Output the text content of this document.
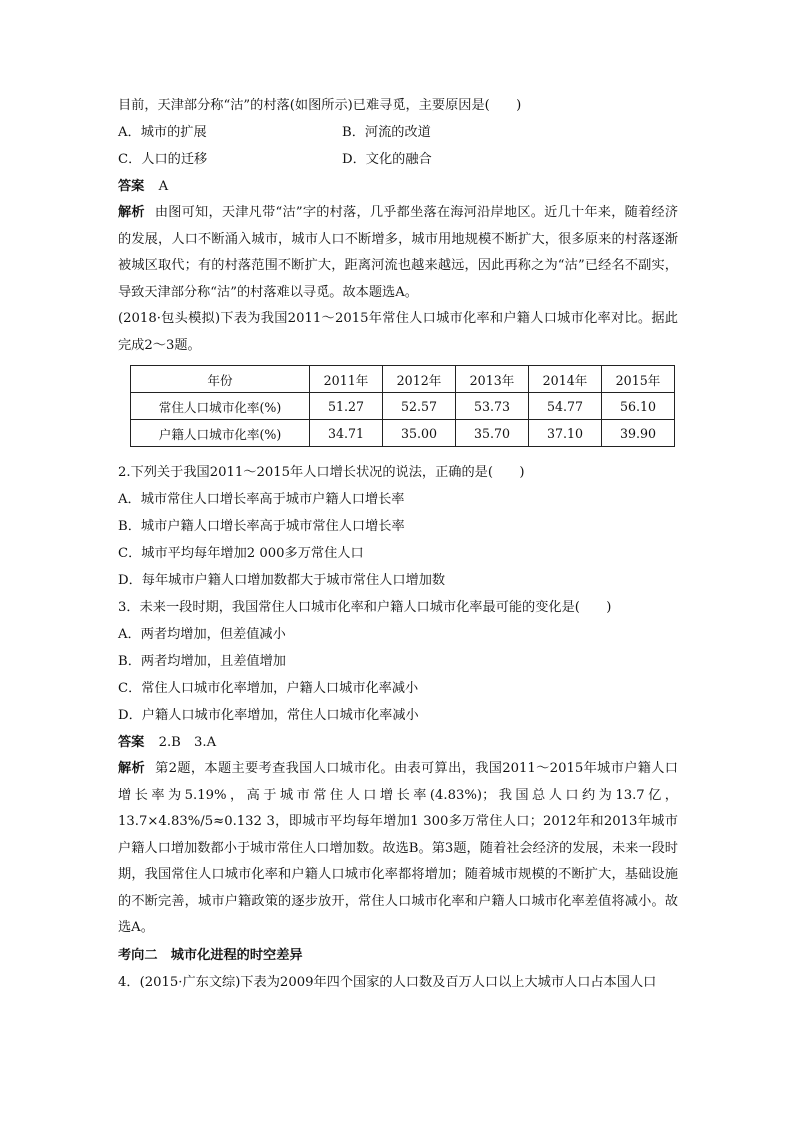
目前，天津部分称“沽”的村落(如图所示)已难寻觅，主要原因是(　　)
A．城市的扩展	B．河流的改道
C．人口的迁移	D．文化的融合
答案 A

解析 由图可知，天津凡带“沽”字的村落，几乎都坐落在海河沿岸地区。近几十年来，随着经济的发展，人口不断涌入城市，城市人口不断增多，城市用地规模不断扩大，很多原来的村落逐渐被城区取代；有的村落范围不断扩大，距离河流也越来越远，因此再称之为“沽”已经名不副实，导致天津部分称“沽”的村落难以寻觅。故本题选A。

(2018·包头模拟)下表为我国2011～2015年常住人口城市化率和户籍人口城市化率对比。据此完成2～3题。

年份	2011年	2012年	2013年	2014年	2015年
常住人口城市化率(%)	51.27	52.57	53.73	54.77	56.10
户籍人口城市化率(%)	34.71	35.00	35.70	37.10	39.90
2.下列关于我国2011～2015年人口增长状况的说法，正确的是(　　)
A．城市常住人口增长率高于城市户籍人口增长率
B．城市户籍人口增长率高于城市常住人口增长率
C．城市平均每年增加2 000多万常住人口
D．每年城市户籍人口增加数都大于城市常住人口增加数
3．未来一段时期，我国常住人口城市化率和户籍人口城市化率最可能的变化是(　　)
A．两者均增加，但差值减小
B．两者均增加，且差值增加
C．常住人口城市化率增加，户籍人口城市化率减小
D．户籍人口城市化率增加，常住人口城市化率减小
答案 2.B　3.A

解析 第2题，本题主要考查我国人口城市化。由表可算出，我国2011～2015年城市户籍人口增长率为5.19%，高于城市常住人口增长率(4.83%)；我国总人口约为13.7亿，13.7×4.83%/5≈0.132 3，即城市平均每年增加1 300多万常住人口；2012年和2013年城市户籍人口增加数都小于城市常住人口增加数。故选B。第3题，随着社会经济的发展，未来一段时期，我国常住人口城市化率和户籍人口城市化率都将增加；随着城市规模的不断扩大，基础设施的不断完善，城市户籍政策的逐步放开，常住人口城市化率和户籍人口城市化率差值将减小。故选A。

考向二　城市化进程的时空差异
4．(2015·广东文综)下表为2009年四个国家的人口数及百万人口以上大城市人口占本国人口
